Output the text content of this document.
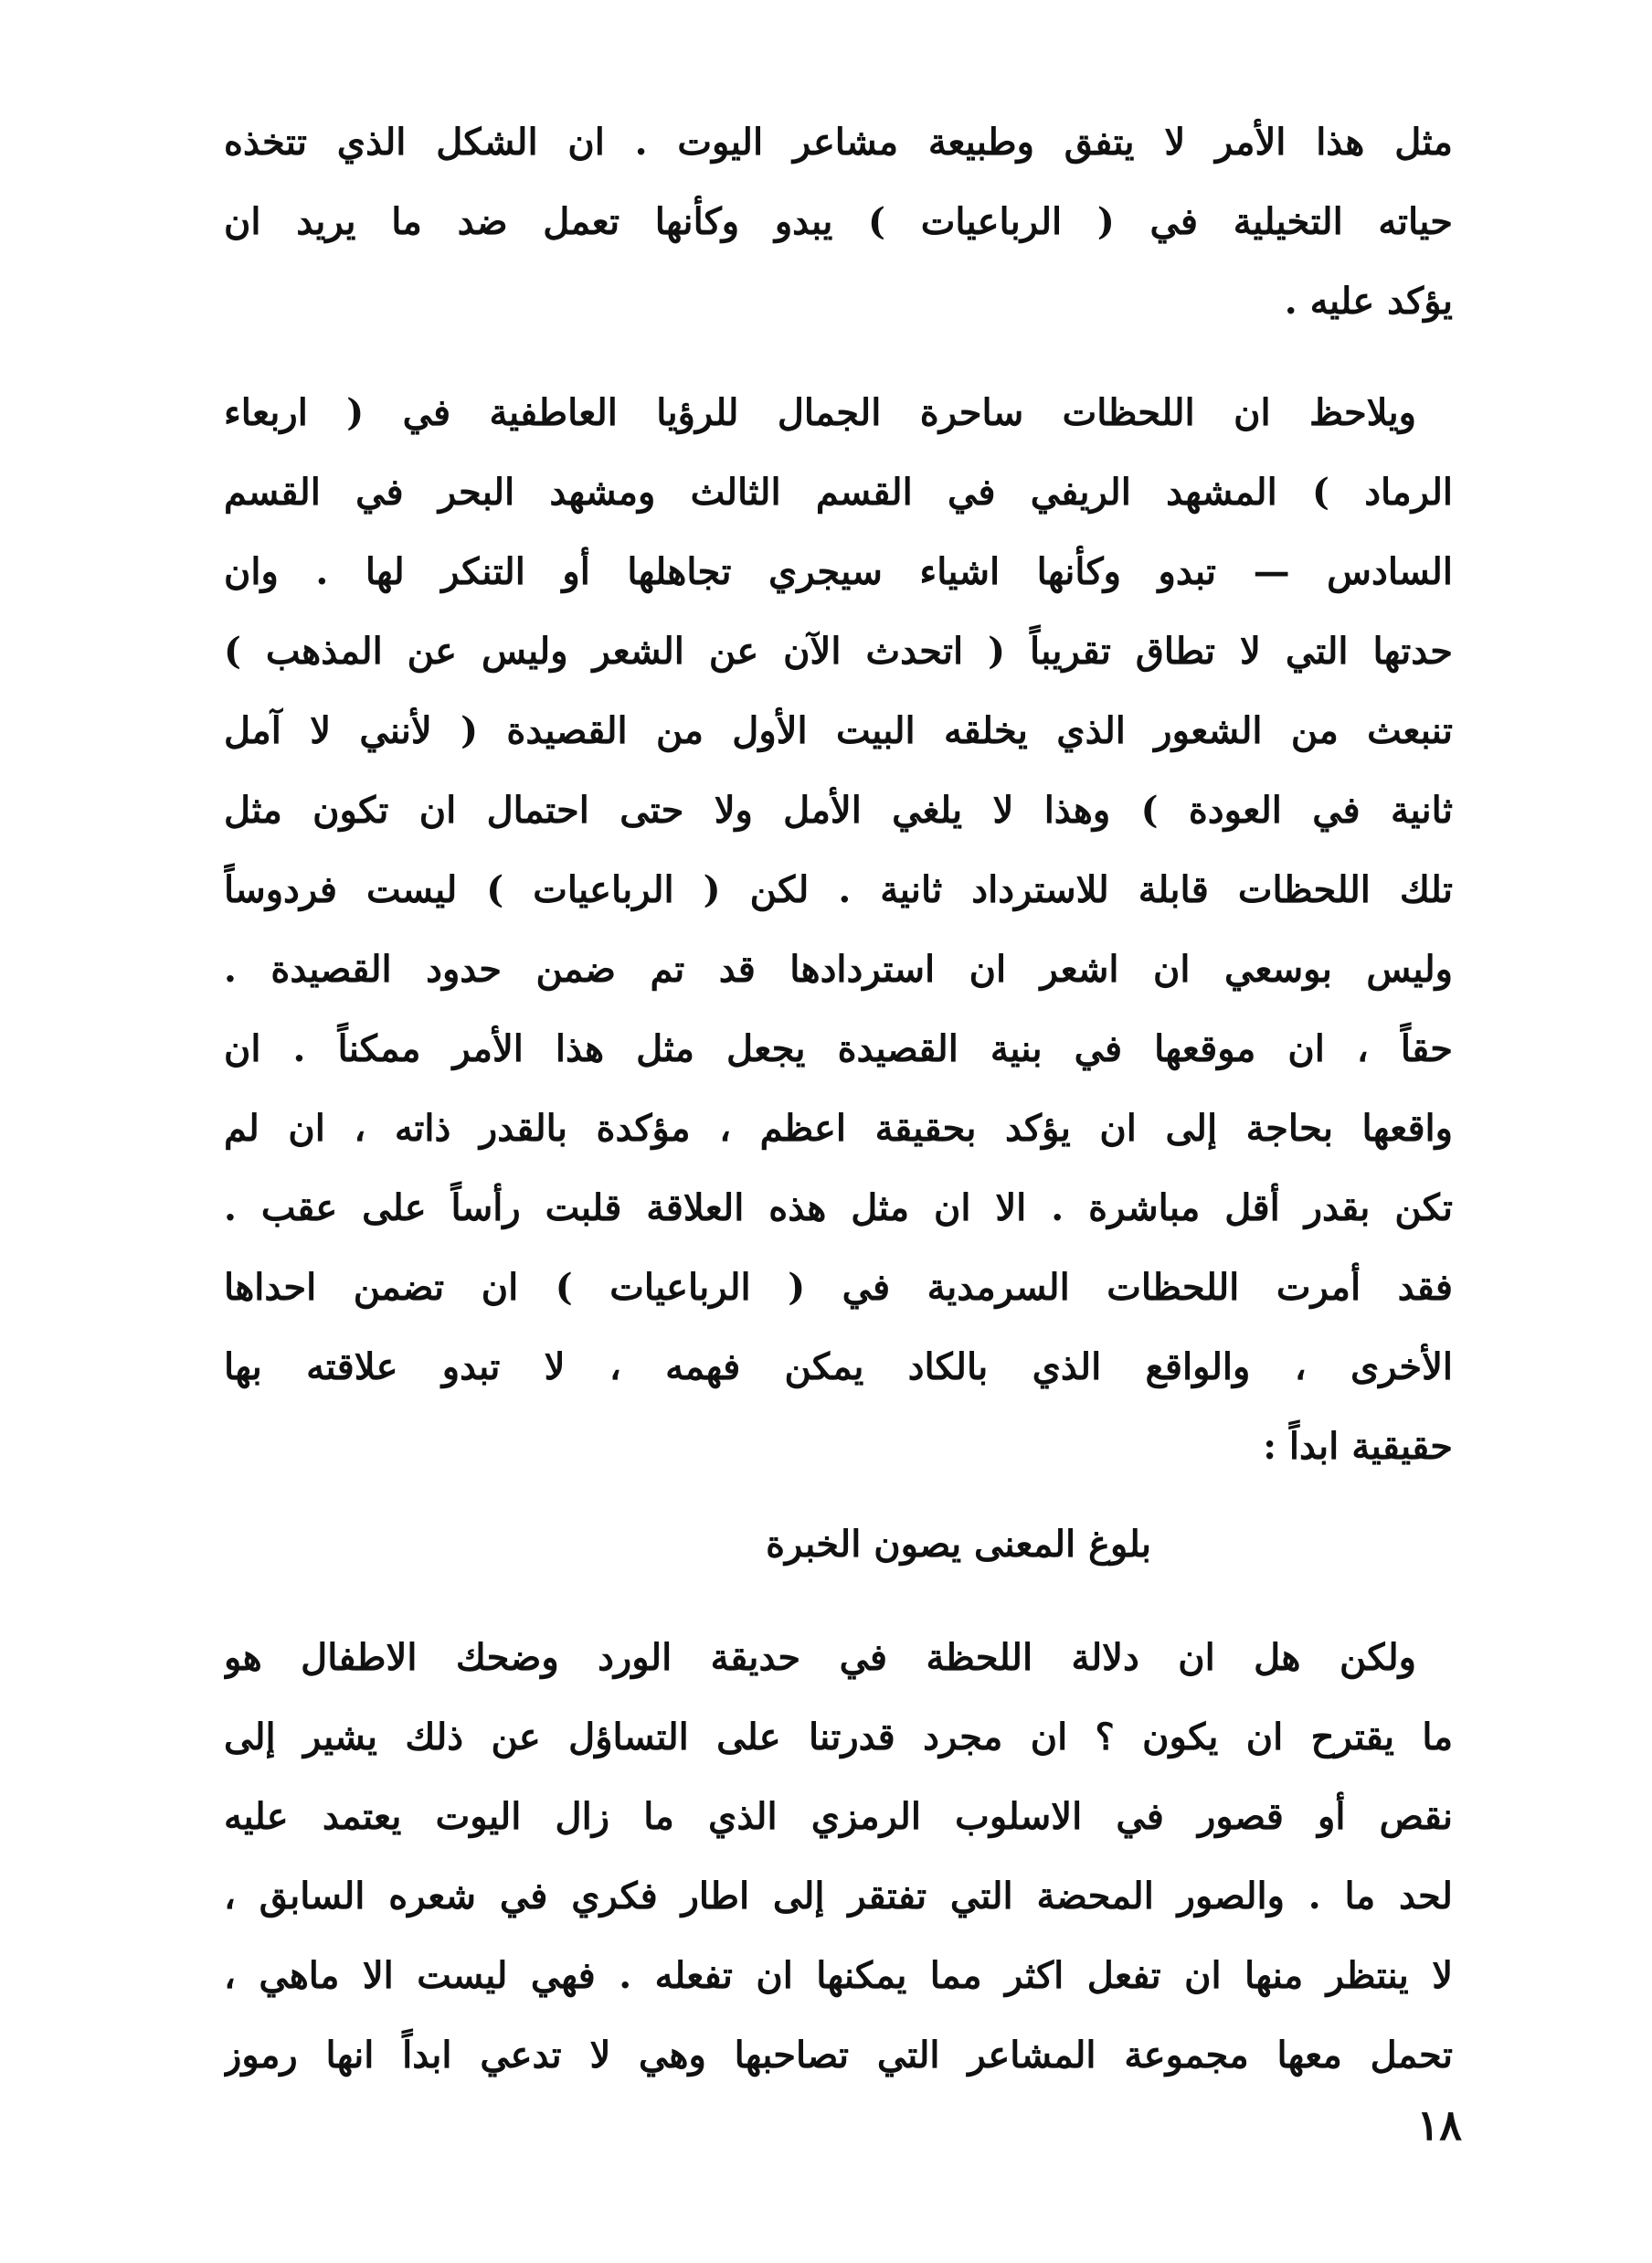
مثل هذا الأمر لا يتفق وطبيعة مشاعر اليوت . ان الشكل الذي تتخذه
حياته التخيلية في ( الرباعيات ) يبدو وكأنها تعمل ضد ما يريد ان
يؤكد عليه .
ويلاحظ ان اللحظات ساحرة الجمال للرؤيا العاطفية في ( اربعاء
الرماد ) المشهد الريفي في القسم الثالث ومشهد البحر في القسم
السادس — تبدو وكأنها اشياء سيجري تجاهلها أو التنكر لها . وان
حدتها التي لا تطاق تقريباً ( اتحدث الآن عن الشعر وليس عن المذهب )
تنبعث من الشعور الذي يخلقه البيت الأول من القصيدة ( لأنني لا آمل
ثانية في العودة ) وهذا لا يلغي الأمل ولا حتى احتمال ان تكون مثل
تلك اللحظات قابلة للاسترداد ثانية . لكن ( الرباعيات ) ليست فردوساً
وليس بوسعي ان اشعر ان استردادها قد تم ضمن حدود القصيدة .
حقاً ، ان موقعها في بنية القصيدة يجعل مثل هذا الأمر ممكناً . ان
واقعها بحاجة إلى ان يؤكد بحقيقة اعظم ، مؤكدة بالقدر ذاته ، ان لم
تكن بقدر أقل مباشرة . الا ان مثل هذه العلاقة قلبت رأساً على عقب .
فقد أمرت اللحظات السرمدية في ( الرباعيات ) ان تضمن احداها
الأخرى ، والواقع الذي بالكاد يمكن فهمه ، لا تبدو علاقته بها
حقيقية ابداً :
بلوغ المعنى يصون الخبرة
ولكن هل ان دلالة اللحظة في حديقة الورد وضحك الاطفال هو
ما يقترح ان يكون ؟ ان مجرد قدرتنا على التساؤل عن ذلك يشير إلى
نقص أو قصور في الاسلوب الرمزي الذي ما زال اليوت يعتمد عليه
لحد ما . والصور المحضة التي تفتقر إلى اطار فكري في شعره السابق ،
لا ينتظر منها ان تفعل اكثر مما يمكنها ان تفعله . فهي ليست الا ماهي ،
تحمل معها مجموعة المشاعر التي تصاحبها وهي لا تدعي ابداً انها رموز
١٨
